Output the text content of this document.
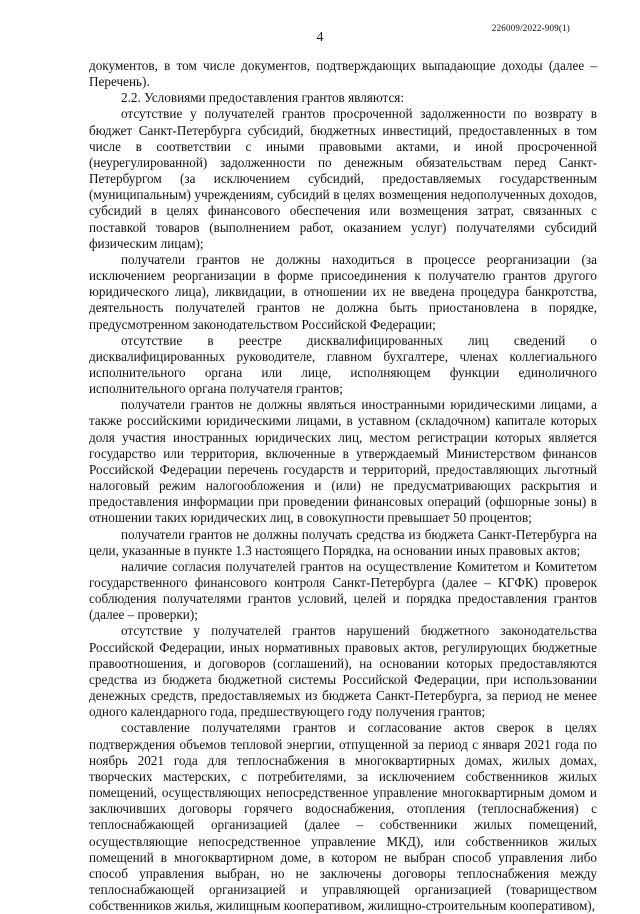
226009/2022-909(1)
4

документов, в том числе документов, подтверждающих выпадающие доходы (далее – Перечень).

2.2. Условиями предоставления грантов являются:

отсутствие у получателей грантов просроченной задолженности по возврату в бюджет Санкт-Петербурга субсидий, бюджетных инвестиций, предоставленных в том числе в соответствии с иными правовыми актами, и иной просроченной (неурегулированной) задолженности по денежным обязательствам перед Санкт-Петербургом (за исключением субсидий, предоставляемых государственным (муниципальным) учреждениям, субсидий в целях возмещения недополученных доходов, субсидий в целях финансового обеспечения или возмещения затрат, связанных с поставкой товаров (выполнением работ, оказанием услуг) получателями субсидий физическим лицам);

получатели грантов не должны находиться в процессе реорганизации (за исключением реорганизации в форме присоединения к получателю грантов другого юридического лица), ликвидации, в отношении их не введена процедура банкротства, деятельность получателей грантов не должна быть приостановлена в порядке, предусмотренном законодательством Российской Федерации;

отсутствие в реестре дисквалифицированных лиц сведений о дисквалифицированных руководителе, главном бухгалтере, членах коллегиального исполнительного органа или лице, исполняющем функции единоличного исполнительного органа получателя грантов;

получатели грантов не должны являться иностранными юридическими лицами, а также российскими юридическими лицами, в уставном (складочном) капитале которых доля участия иностранных юридических лиц, местом регистрации которых является государство или территория, включенные в утверждаемый Министерством финансов Российской Федерации перечень государств и территорий, предоставляющих льготный налоговый режим налогообложения и (или) не предусматривающих раскрытия и предоставления информации при проведении финансовых операций (офшорные зоны) в отношении таких юридических лиц, в совокупности превышает 50 процентов;

получатели грантов не должны получать средства из бюджета Санкт-Петербурга на цели, указанные в пункте 1.3 настоящего Порядка, на основании иных правовых актов;

наличие согласия получателей грантов на осуществление Комитетом и Комитетом государственного финансового контроля Санкт-Петербурга (далее – КГФК) проверок соблюдения получателями грантов условий, целей и порядка предоставления грантов (далее – проверки);

отсутствие у получателей грантов нарушений бюджетного законодательства Российской Федерации, иных нормативных правовых актов, регулирующих бюджетные правоотношения, и договоров (соглашений), на основании которых предоставляются средства из бюджета бюджетной системы Российской Федерации, при использовании денежных средств, предоставляемых из бюджета Санкт-Петербурга, за период не менее одного календарного года, предшествующего году получения грантов;

составление получателями грантов и согласование актов сверок в целях подтверждения объемов тепловой энергии, отпущенной за период с января 2021 года по ноябрь 2021 года для теплоснабжения в многоквартирных домах, жилых домах, творческих мастерских, с потребителями, за исключением собственников жилых помещений, осуществляющих непосредственное управление многоквартирным домом и заключивших договоры горячего водоснабжения, отопления (теплоснабжения) с теплоснабжающей организацией (далее – собственники жилых помещений, осуществляющие непосредственное управление МКД), или собственников жилых помещений в многоквартирном доме, в котором не выбран способ управления либо способ управления выбран, но не заключены договоры теплоснабжения между теплоснабжающей организацией и управляющей организацией (товариществом собственников жилья, жилищным кооперативом, жилищно-строительным кооперативом),
